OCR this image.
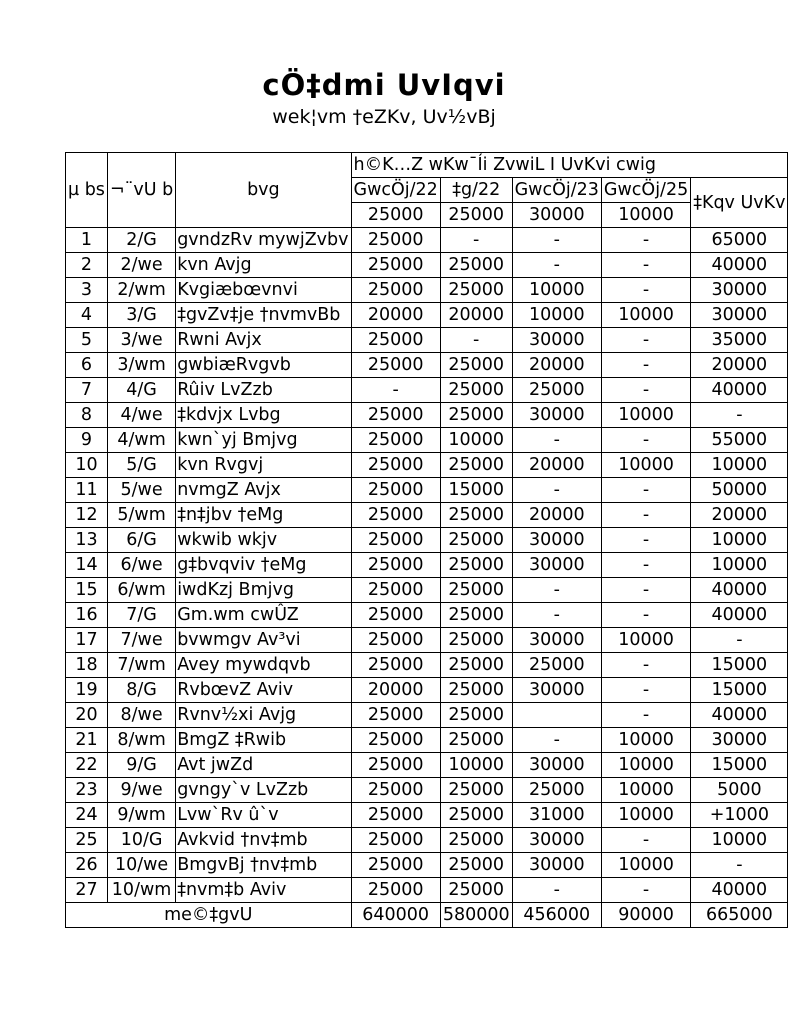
cÖ‡dmi UvIqvi
wek¦vm †eZKv, Uv½vBj
µ bs	¬¨vU b	bvg	h©K…Z wKw¯Íi ZvwiL I UvKvi cwig				
			GwcÖj/22	‡g/22	GwcÖj/23	GwcÖj/25	‡Kqv UvKv
			25000	25000	30000	10000	
1	2/G	gvndzRv mywjZvbv	25000	-	-	-	65000
2	2/we	kvn Avjg	25000	25000	-	-	40000
3	2/wm	Kvgiæbœvnvi	25000	25000	10000	-	30000
4	3/G	‡gvZv‡je †nvmvBb	20000	20000	10000	10000	30000
5	3/we	Rwni Avjx	25000	-	30000	-	35000
6	3/wm	gwbiæRvgvb	25000	25000	20000	-	20000
7	4/G	Rûiv LvZzb	-	25000	25000	-	40000
8	4/we	‡kdvjx Lvbg	25000	25000	30000	10000	-
9	4/wm	kwn`yj Bmjvg	25000	10000	-	-	55000
10	5/G	kvn Rvgvj	25000	25000	20000	10000	10000
11	5/we	nvmgZ Avjx	25000	15000	-	-	50000
12	5/wm	‡n‡jbv †eMg	25000	25000	20000	-	20000
13	6/G	wkwib wkjv	25000	25000	30000	-	10000
14	6/we	g‡bvqviv †eMg	25000	25000	30000	-	10000
15	6/wm	iwdKzj Bmjvg	25000	25000	-	-	40000
16	7/G	Gm.wm cwÛZ	25000	25000	-	-	40000
17	7/we	bvwmgv Av³vi	25000	25000	30000	10000	-
18	7/wm	Avey mywdqvb	25000	25000	25000	-	15000
19	8/G	RvbœvZ Aviv	20000	25000	30000	-	15000
20	8/we	Rvnv½xi Avjg	25000	25000		-	40000
21	8/wm	BmgZ ‡Rwib	25000	25000	-	10000	30000
22	9/G	Avt jwZd	25000	10000	30000	10000	15000
23	9/we	gvngy`v LvZzb	25000	25000	25000	10000	5000
24	9/wm	Lvw`Rv û`v	25000	25000	31000	10000	+1000
25	10/G	Avkvid †nv‡mb	25000	25000	30000	-	10000
26	10/we	BmgvBj †nv‡mb	25000	25000	30000	10000	-
27	10/wm	‡nvm‡b Aviv	25000	25000	-	-	40000
me©‡gvU			640000	580000	456000	90000	665000
